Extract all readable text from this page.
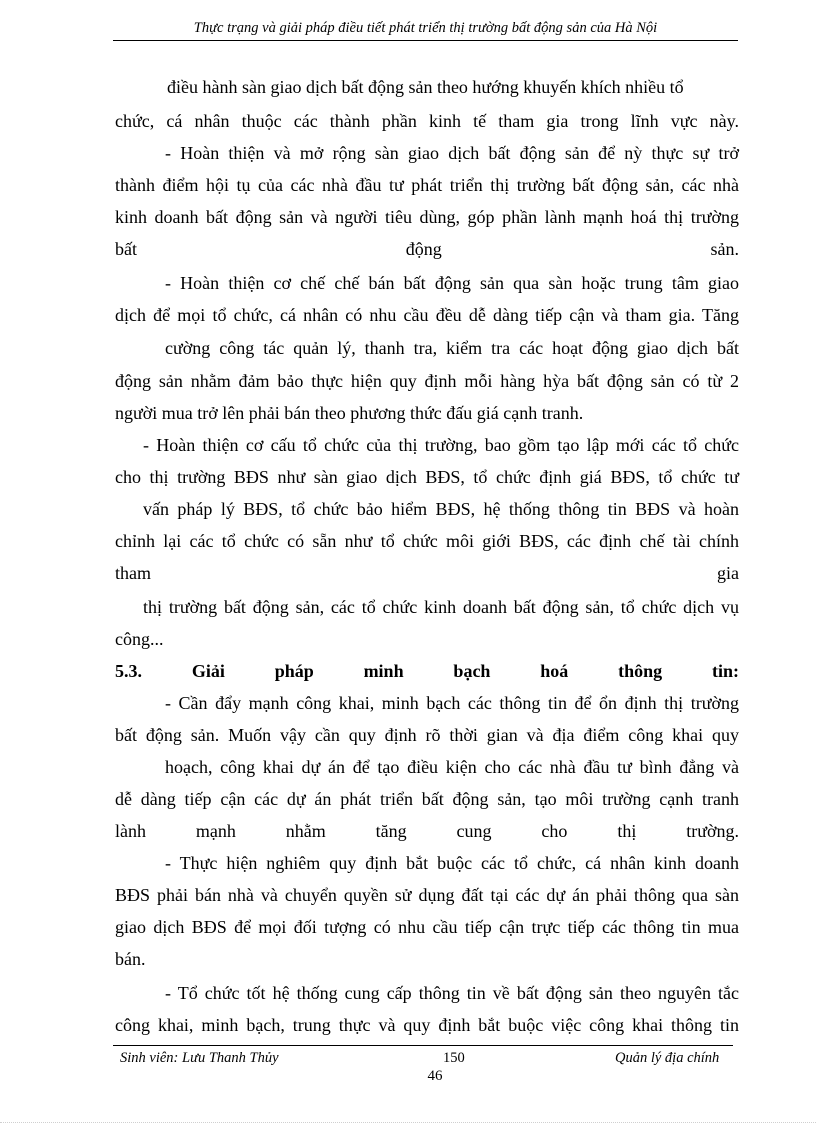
Thực trạng và giải pháp điều tiết phát triển thị trường bất động sản của Hà Nội
điều hành sàn giao dịch bất động sản theo hướng khuyến khích nhiều tổ
chức, cá nhân thuộc các thành phần kinh tế tham gia trong lĩnh vực này.
- Hoàn thiện và mở rộng sàn giao dịch bất động sản để nỳ thực sự trở
thành điểm hội tụ của các nhà đầu tư phát triển thị trường bất động sản, các nhà
kinh doanh bất động sản và người tiêu dùng, góp phần lành mạnh hoá thị trường
bất động sản.
- Hoàn thiện cơ chế chế bán bất động sản qua sàn hoặc trung tâm giao
dịch để mọi tổ chức, cá nhân có nhu cầu đều dễ dàng tiếp cận và tham gia. Tăng
cường công tác quản lý, thanh tra, kiểm tra các hoạt động giao dịch bất
động sản nhằm đảm bảo thực hiện quy định mỗi hàng hỳa bất động sản có từ 2
người mua trở lên phải bán theo phương thức đấu giá cạnh tranh.
- Hoàn thiện cơ cấu tổ chức của thị trường, bao gồm tạo lập mới các tổ chức
cho thị trường BĐS như sàn giao dịch BĐS, tổ chức định giá BĐS, tổ chức tư
vấn pháp lý BĐS, tổ chức bảo hiểm BĐS, hệ thống thông tin BĐS và hoàn
chỉnh lại các tổ chức có sẵn như tổ chức môi giới BĐS, các định chế tài chính
tham gia
thị trường bất động sản, các tổ chức kinh doanh bất động sản, tổ chức dịch vụ
công...
5.3. Giải pháp minh bạch hoá thông tin:
- Cần đẩy mạnh công khai, minh bạch các thông tin để ổn định thị trường
bất động sản. Muốn vậy cần quy định rõ thời gian và địa điểm công khai quy
hoạch, công khai dự án để tạo điều kiện cho các nhà đầu tư bình đẳng và
dễ dàng tiếp cận các dự án phát triển bất động sản, tạo môi trường cạnh tranh
lành mạnh nhằm tăng cung cho thị trường.
- Thực hiện nghiêm quy định bắt buộc các tổ chức, cá nhân kinh doanh
BĐS phải bán nhà và chuyển quyền sử dụng đất tại các dự án phải thông qua sàn
giao dịch BĐS để mọi đối tượng có nhu cầu tiếp cận trực tiếp các thông tin mua
bán.
- Tổ chức tốt hệ thống cung cấp thông tin về bất động sản theo nguyên tắc
công khai, minh bạch, trung thực và quy định bắt buộc việc công khai thông tin
Sinh viên: Lưu Thanh Thủy	150	Quản lý địa chính
46
